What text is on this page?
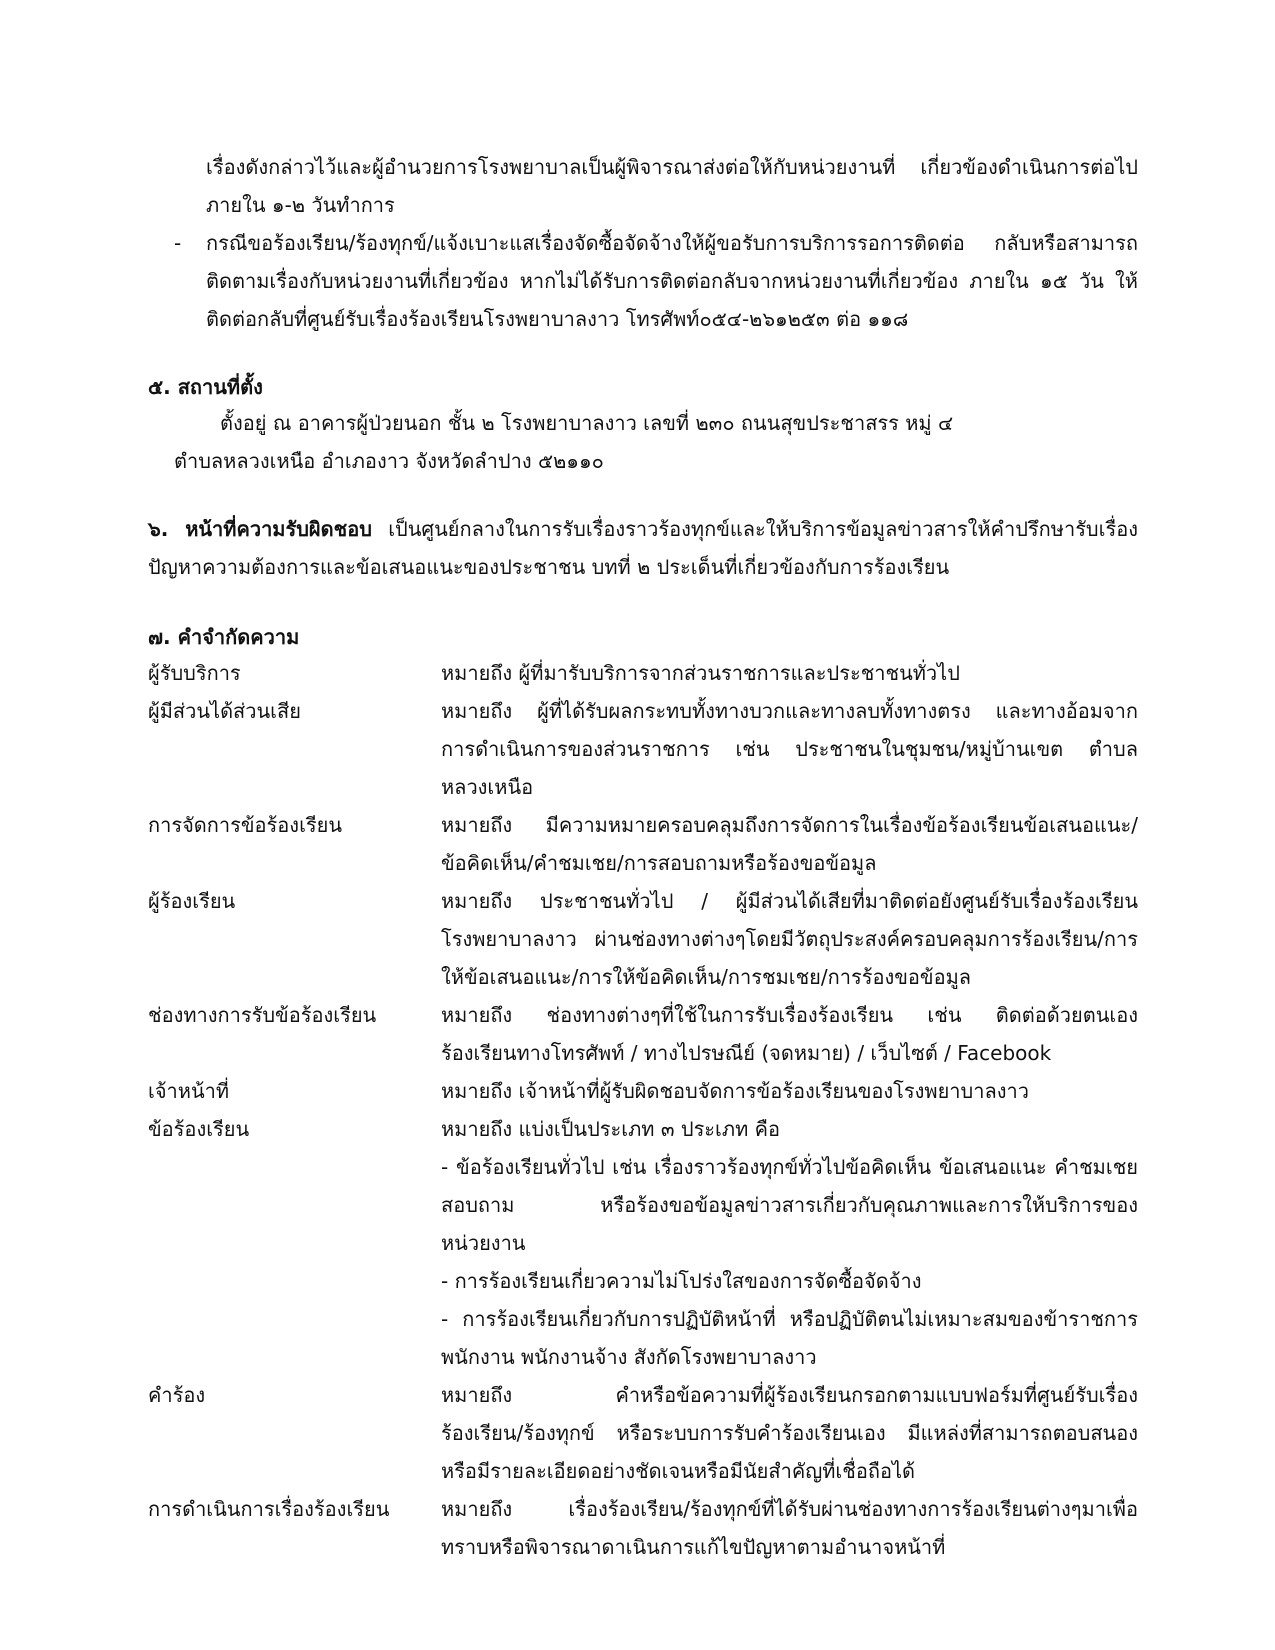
เรื่องดังกล่าวไว้และผู้อำนวยการโรงพยาบาลเป็นผู้พิจารณาส่งต่อให้กับหน่วยงานที่ เกี่ยวข้องดำเนินการต่อไป
ภายใน ๑-๒ วันทำการ
- กรณีขอร้องเรียน/ร้องทุกข์/แจ้งเบาะแสเรื่องจัดซื้อจัดจ้างให้ผู้ขอรับการบริการรอการติดต่อ กลับหรือสามารถ
ติดตามเรื่องกับหน่วยงานที่เกี่ยวข้อง หากไม่ได้รับการติดต่อกลับจากหน่วยงานที่เกี่ยวข้อง ภายใน ๑๕ วัน ให้
ติดต่อกลับที่ศูนย์รับเรื่องร้องเรียนโรงพยาบาลงาว โทรศัพท์๐๕๔-๒๖๑๒๕๓ ต่อ ๑๑๘
๕. สถานที่ตั้ง
ตั้งอยู่ ณ อาคารผู้ป่วยนอก ชั้น ๒ โรงพยาบาลงาว เลขที่ ๒๓๐ ถนนสุขประชาสรร หมู่ ๔
ตำบลหลวงเหนือ อำเภองาว จังหวัดลำปาง ๕๒๑๑๐
๖. หน้าที่ความรับผิดชอบ เป็นศูนย์กลางในการรับเรื่องราวร้องทุกข์และให้บริการข้อมูลข่าวสารให้คำปรึกษารับเรื่อง
ปัญหาความต้องการและข้อเสนอแนะของประชาชน บทที่ ๒ ประเด็นที่เกี่ยวข้องกับการร้องเรียน
๗. คำจำกัดความ
ผู้รับบริการ	หมายถึง ผู้ที่มารับบริการจากส่วนราชการและประชาชนทั่วไป
ผู้มีส่วนได้ส่วนเสีย	หมายถึง ผู้ที่ได้รับผลกระทบทั้งทางบวกและทางลบทั้งทางตรง และทางอ้อมจาก
การดำเนินการของส่วนราชการ เช่น ประชาชนในชุมชน/หมู่บ้านเขต ตำบล
หลวงเหนือ
การจัดการข้อร้องเรียน	หมายถึง มีความหมายครอบคลุมถึงการจัดการในเรื่องข้อร้องเรียนข้อเสนอแนะ/
ข้อคิดเห็น/คำชมเชย/การสอบถามหรือร้องขอข้อมูล
ผู้ร้องเรียน	หมายถึง ประชาชนทั่วไป / ผู้มีส่วนได้เสียที่มาติดต่อยังศูนย์รับเรื่องร้องเรียน
โรงพยาบาลงาว ผ่านช่องทางต่างๆโดยมีวัตถุประสงค์ครอบคลุมการร้องเรียน/การ
ให้ข้อเสนอแนะ/การให้ข้อคิดเห็น/การชมเชย/การร้องขอข้อมูล
ช่องทางการรับข้อร้องเรียน	หมายถึง ช่องทางต่างๆที่ใช้ในการรับเรื่องร้องเรียน เช่น ติดต่อด้วยตนเอง
ร้องเรียนทางโทรศัพท์ / ทางไปรษณีย์ (จดหมาย) / เว็บไซต์ / Facebook
เจ้าหน้าที่	หมายถึง เจ้าหน้าที่ผู้รับผิดชอบจัดการข้อร้องเรียนของโรงพยาบาลงาว
ข้อร้องเรียน	หมายถึง แบ่งเป็นประเภท ๓ ประเภท คือ
- ข้อร้องเรียนทั่วไป เช่น เรื่องราวร้องทุกข์ทั่วไปข้อคิดเห็น ข้อเสนอแนะ คำชมเชย
สอบถาม หรือร้องขอข้อมูลข่าวสารเกี่ยวกับคุณภาพและการให้บริการของ
หน่วยงาน
- การร้องเรียนเกี่ยวความไม่โปร่งใสของการจัดซื้อจัดจ้าง
- การร้องเรียนเกี่ยวกับการปฏิบัติหน้าที่ หรือปฏิบัติตนไม่เหมาะสมของข้าราชการ
พนักงาน พนักงานจ้าง สังกัดโรงพยาบาลงาว
คำร้อง	หมายถึง คำหรือข้อความที่ผู้ร้องเรียนกรอกตามแบบฟอร์มที่ศูนย์รับเรื่อง
ร้องเรียน/ร้องทุกข์ หรือระบบการรับคำร้องเรียนเอง มีแหล่งที่สามารถตอบสนอง
หรือมีรายละเอียดอย่างชัดเจนหรือมีนัยสำคัญที่เชื่อถือได้
การดำเนินการเรื่องร้องเรียน	หมายถึง เรื่องร้องเรียน/ร้องทุกข์ที่ได้รับผ่านช่องทางการร้องเรียนต่างๆมาเพื่อ
ทราบหรือพิจารณาดาเนินการแก้ไขปัญหาตามอำนาจหน้าที่
